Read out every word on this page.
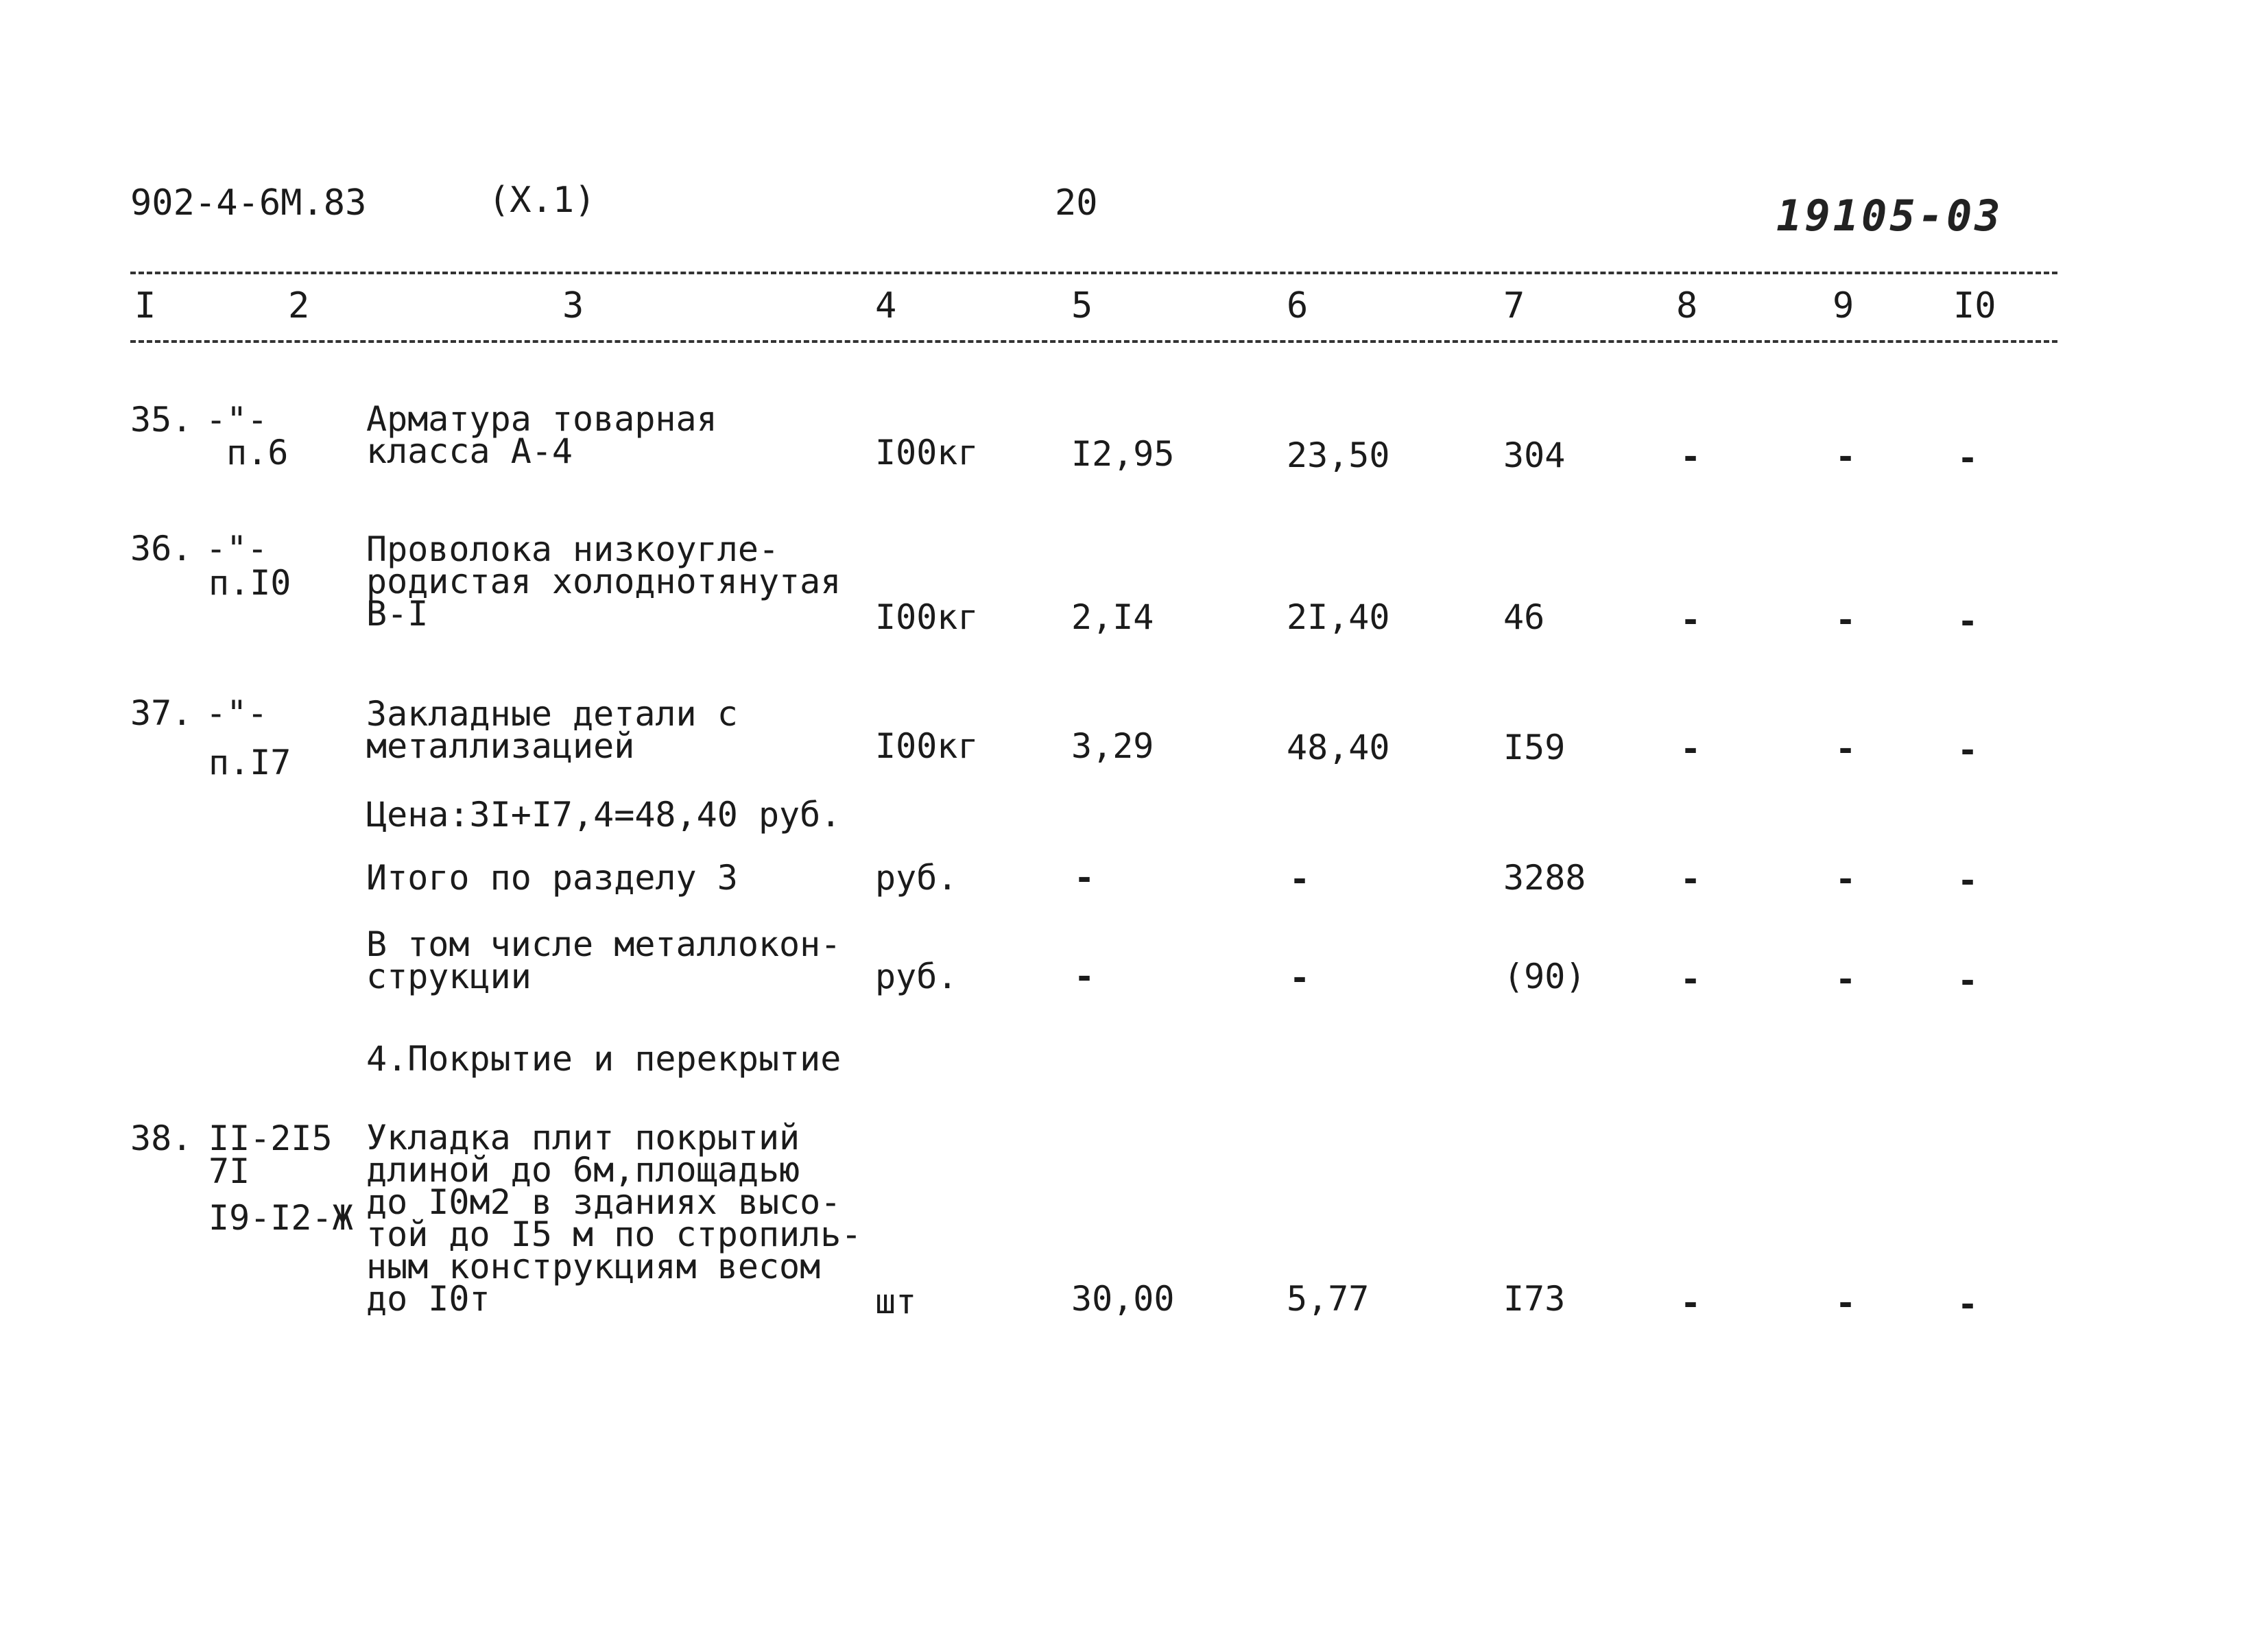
902-4-6М.83	(Х.1)	20	19105-03
I	2	3	4	5	6	7	8	9	I0
35. -"-
п.6
Арматура товарная
класса А-4	I00кг	I2,95	23,50	304	-	-	-
36. -"-
п.I0
Проволока низкоугле-
родистая холоднотянутая
В-I	I00кг	2,I4	2I,40	46	-	-	-
37. -"-
п.I7
Закладные детали с
металлизацией	I00кг	3,29	48,40	I59	-	-	-
Цена:3I+I7,4=48,40 руб.
Итого по разделу 3	руб.	-	-	3288	-	-	-
В том числе металлокон-
струкции	руб.	-	-	(90)	-	-	-
4.Покрытие и перекрытие
38. II-2I5
7I
I9-I2-Ж
Укладка плит покрытий
длиной до 6м,площадью
до I0м2 в зданиях высо-
той до I5 м по стропиль-
ным конструкциям весом
до I0т	шт	30,00	5,77	I73	-	-	-
